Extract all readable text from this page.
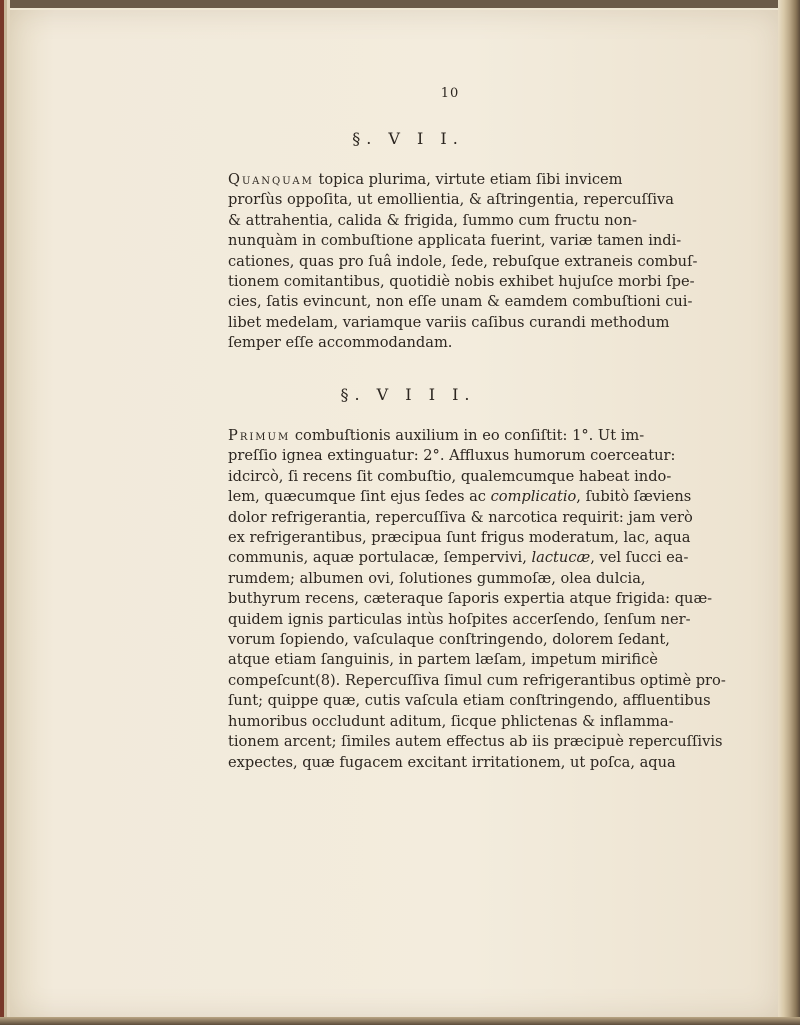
10
§. V I I.
Quanquam topica plurima, virtute etiam ſibi invicem
prorſùs oppoſita, ut emollientia, & aſtringentia, repercuſſiva
& attrahentia, calida & frigida, ſummo cum fructu non-
nunquàm in combuſtione applicata fuerint, variæ tamen indi-
cationes, quas pro ſuâ indole, ſede, rebuſque extraneis combuſ-
tionem comitantibus, quotidiè nobis exhibet hujuſce morbi ſpe-
cies, ſatis evincunt, non eſſe unam & eamdem combuſtioni cui-
libet medelam, variamque variis caſibus curandi methodum
ſemper eſſe accommodandam.
§. V I I I.
Primum combuſtionis auxilium in eo conſiſtit: 1°. Ut im-
preſſio ignea extinguatur: 2°. Affluxus humorum coerceatur:
idcircò, ſi recens ſit combuſtio, qualemcumque habeat indo-
lem, quæcumque ſint ejus ſedes ac complicatio, ſubitò ſæviens
dolor refrigerantia, repercuſſiva & narcotica requirit: jam verò
ex refrigerantibus, præcipua ſunt frigus moderatum, lac, aqua
communis, aquæ portulacæ, ſempervivi, lactucæ, vel ſucci ea-
rumdem; albumen ovi, ſolutiones gummoſæ, olea dulcia,
buthyrum recens, cæteraque ſaporis expertia atque frigida: quæ-
quidem ignis particulas intùs hoſpites accerſendo, ſenſum ner-
vorum ſopiendo, vaſculaque conſtringendo, dolorem ſedant,
atque etiam ſanguinis, in partem læſam, impetum mirificè
compeſcunt(8). Repercuſſiva ſimul cum refrigerantibus optimè pro-
ſunt; quippe quæ, cutis vaſcula etiam conſtringendo, affluentibus
humoribus occludunt aditum, ſicque phlictenas & inflamma-
tionem arcent; ſimiles autem effectus ab iis præcipuè repercuſſivis
expectes, quæ fugacem excitant irritationem, ut poſca, aqua
